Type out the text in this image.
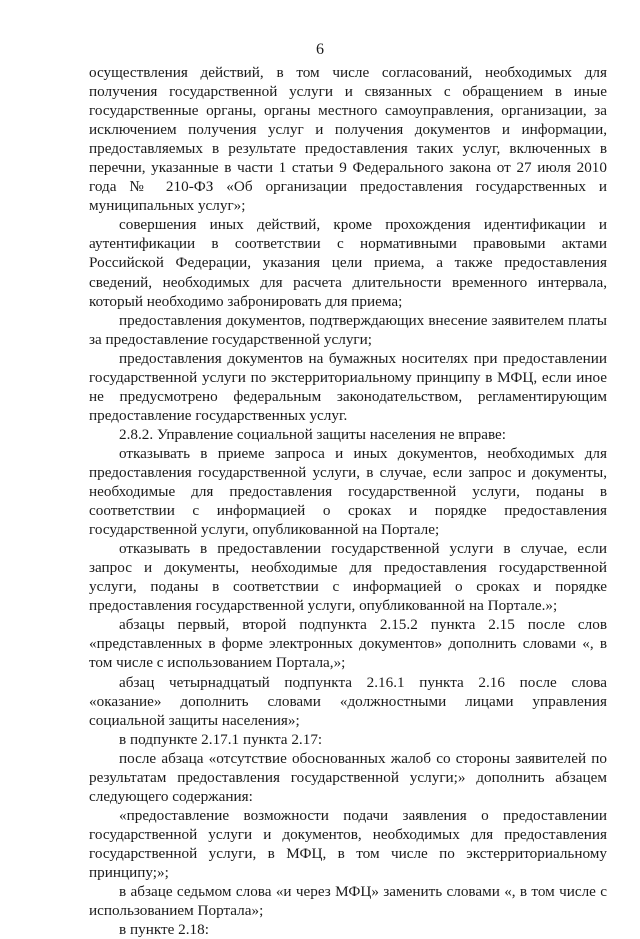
6

осуществления действий, в том числе согласований, необходимых для получения государственной услуги и связанных с обращением в иные государственные органы, органы местного самоуправления, организации, за исключением получения услуг и получения документов и информации, предоставляемых в результате предоставления таких услуг, включенных в перечни, указанные в части 1 статьи 9 Федерального закона от 27 июля 2010 года № 210-ФЗ «Об организации предоставления государственных и муниципальных услуг»;

совершения иных действий, кроме прохождения идентификации и аутентификации в соответствии с нормативными правовыми актами Российской Федерации, указания цели приема, а также предоставления сведений, необходимых для расчета длительности временного интервала, который необходимо забронировать для приема;

предоставления документов, подтверждающих внесение заявителем платы за предоставление государственной услуги;

предоставления документов на бумажных носителях при предоставлении государственной услуги по экстерриториальному принципу в МФЦ, если иное не предусмотрено федеральным законодательством, регламентирующим предоставление государственных услуг.

2.8.2. Управление социальной защиты населения не вправе:

отказывать в приеме запроса и иных документов, необходимых для предоставления государственной услуги, в случае, если запрос и документы, необходимые для предоставления государственной услуги, поданы в соответствии с информацией о сроках и порядке предоставления государственной услуги, опубликованной на Портале;

отказывать в предоставлении государственной услуги в случае, если запрос и документы, необходимые для предоставления государственной услуги, поданы в соответствии с информацией о сроках и порядке предоставления государственной услуги, опубликованной на Портале.»;

абзацы первый, второй подпункта 2.15.2 пункта 2.15 после слов «представленных в форме электронных документов» дополнить словами «, в том числе с использованием Портала,»;

абзац четырнадцатый подпункта 2.16.1 пункта 2.16 после слова «оказание» дополнить словами «должностными лицами управления социальной защиты населения»;

в подпункте 2.17.1 пункта 2.17:

после абзаца «отсутствие обоснованных жалоб со стороны заявителей по результатам предоставления государственной услуги;» дополнить абзацем следующего содержания:

«предоставление возможности подачи заявления о предоставлении государственной услуги и документов, необходимых для предоставления государственной услуги, в МФЦ, в том числе по экстерриториальному принципу;»;

в абзаце седьмом слова «и через МФЦ» заменить словами «, в том числе с использованием Портала»;

в пункте 2.18:
